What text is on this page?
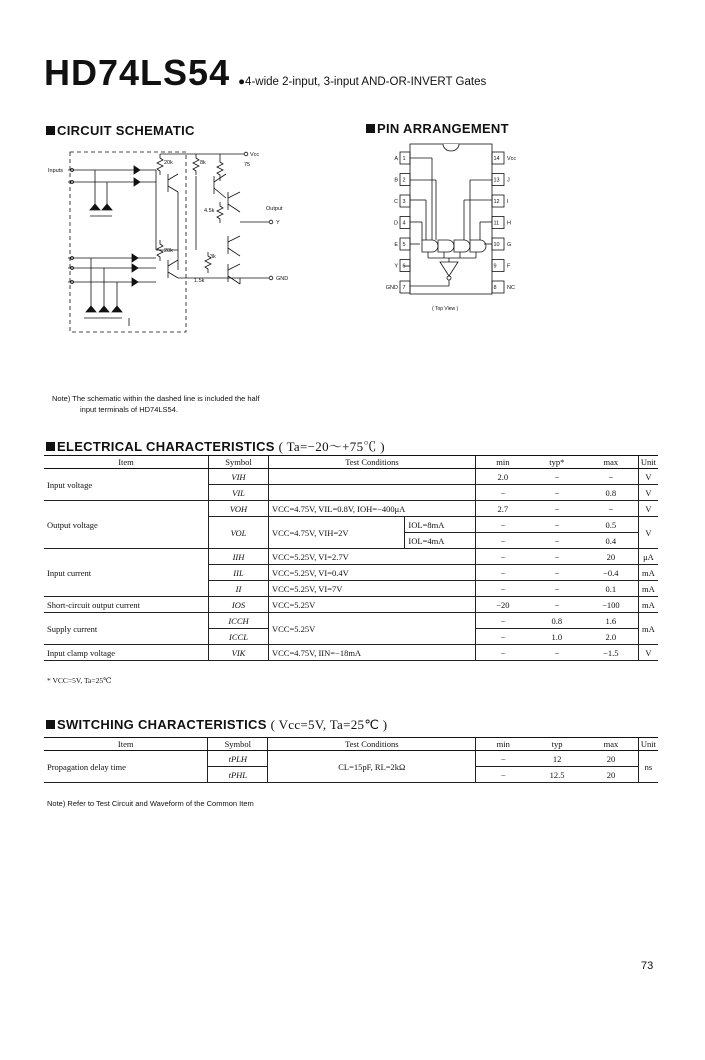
HD74LS54 ●4-wide 2-input, 3-input AND-OR-INVERT Gates
CIRCUIT SCHEMATIC	PIN ARRANGEMENT
Inputs
Vcc
20k	8k	75
4.5k	Output
Y
20k
3k
1.5k	GND
1
A
2
B
3
C
4
D
5
E
6
Y
7
GND
14 Vcc
13 J
12 I
11 H
10 G
9 F
8 NC
( Top View )
Note) The schematic within the dashed line is included the half
input terminals of HD74LS54.
ELECTRICAL CHARACTERISTICS ( Ta=−20～+75℃ )
Item	Symbol	Test Conditions		min	typ*	max	Unit
Input voltage	VIH			2.0	−	−	V
	VIL			−	−	0.8	V
Output voltage	VOH	VCC=4.75V, VIL=0.8V, IOH=−400μA		2.7	−	−	V
	VOL	VCC=4.75V, VIH=2V	IOL=8mA	−	−	0.5	V
			IOL=4mA	−	−	0.4	
Input current	IIH	VCC=5.25V, VI=2.7V		−	−	20	μA
	IIL	VCC=5.25V, VI=0.4V		−	−	−0.4	mA
	II	VCC=5.25V, VI=7V		−	−	0.1	mA
Short-circuit output current	IOS	VCC=5.25V		−20	−	−100	mA
Supply current	ICCH	VCC=5.25V		−	0.8	1.6	mA
	ICCL			−	1.0	2.0	
Input clamp voltage	VIK	VCC=4.75V, IIN=−18mA		−	−	−1.5	V
* VCC=5V, Ta=25℃
SWITCHING CHARACTERISTICS ( Vcc=5V, Ta=25℃ )
Item	Symbol	Test Conditions	min	typ	max	Unit
Propagation delay time	tPLH	CL=15pF, RL=2kΩ	−	12	20	ns
	tPHL		−	12.5	20	
Note) Refer to Test Circuit and Waveform of the Common Item
73
